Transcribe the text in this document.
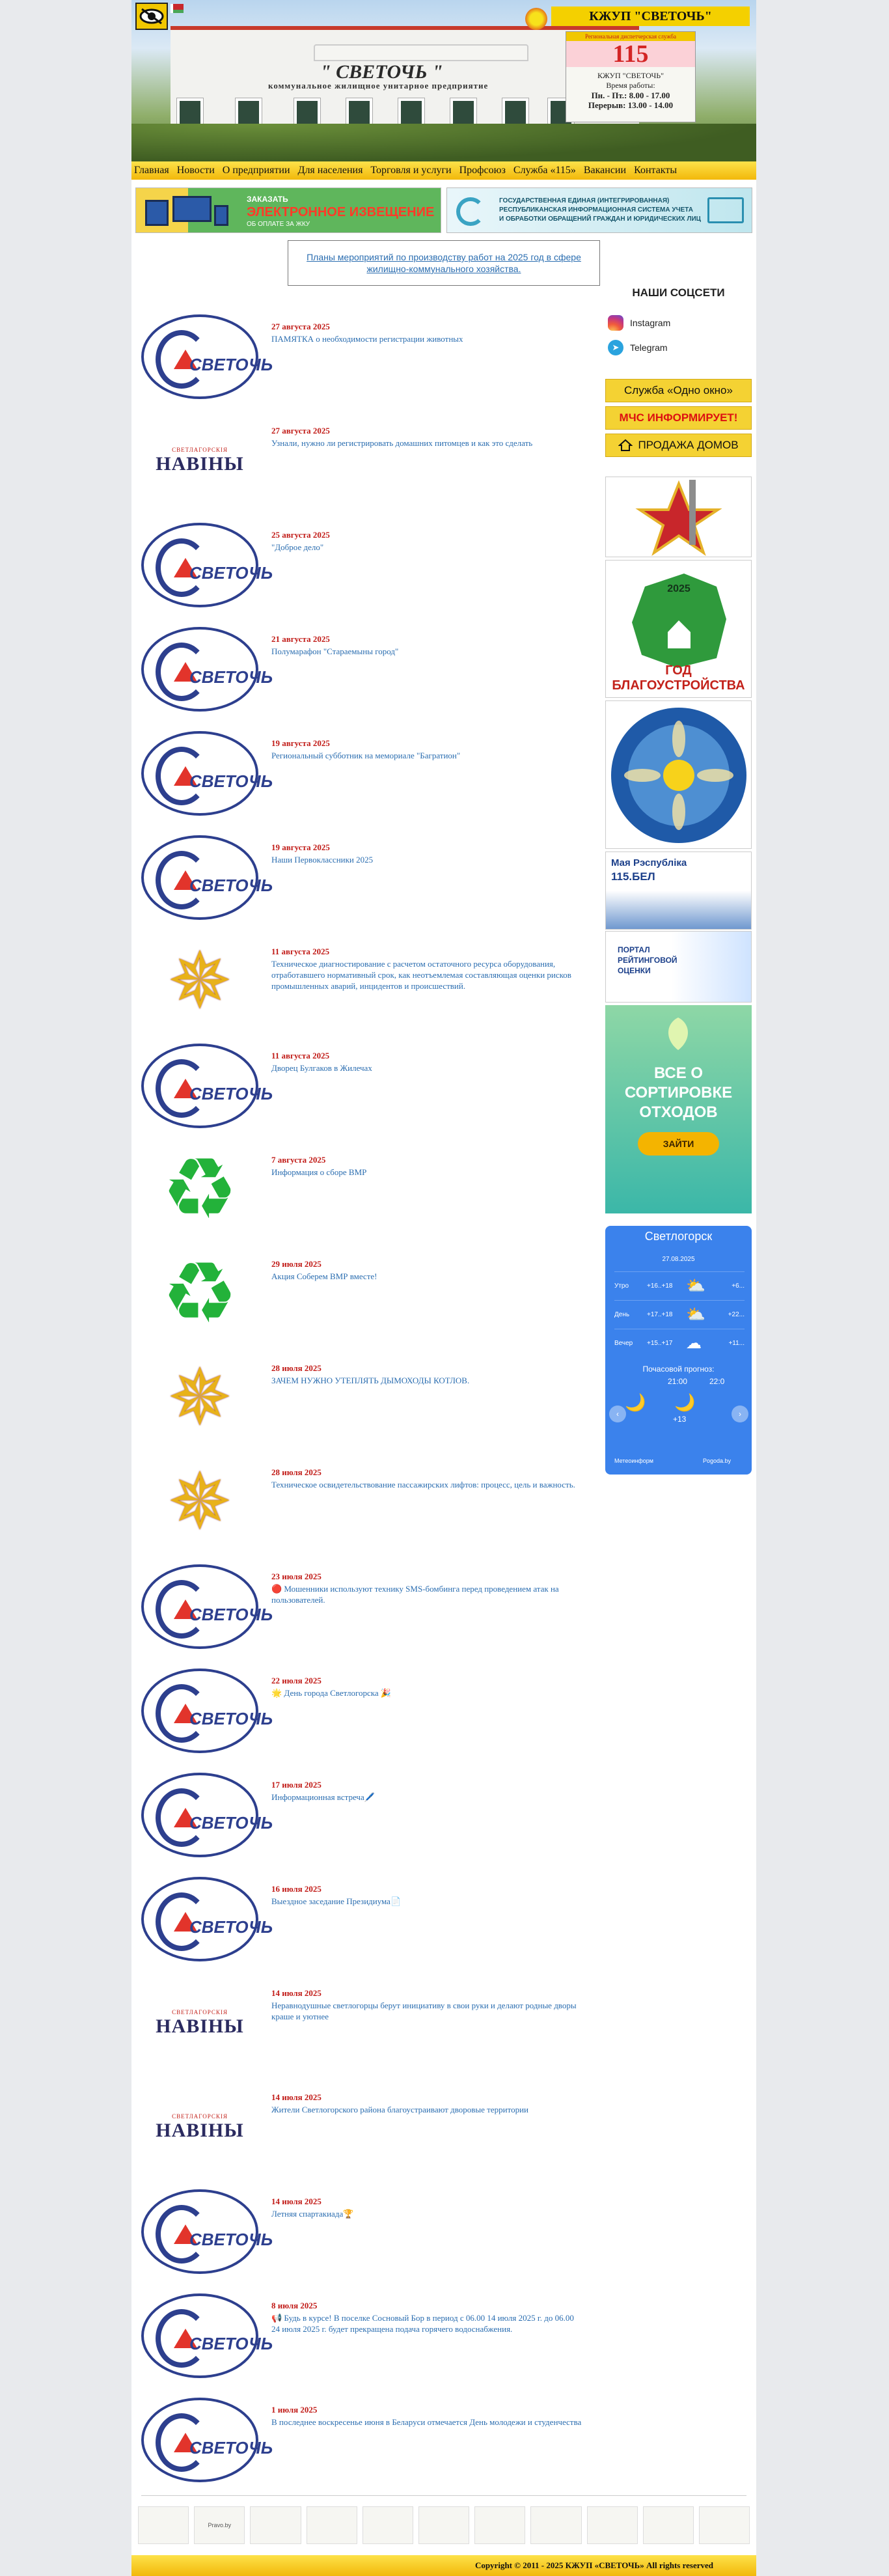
" СВЕТОЧЬ "
коммунальное жилищное унитарное предприятие
КЖУП "СВЕТОЧЬ"
Региональная диспетчерская служба
115
КЖУП "СВЕТОЧЬ"
Время работы:
Пн. - Пт.: 8.00 - 17.00
Перерыв: 13.00 - 14.00
Главная Новости О предприятии Для населения Торговля и услуги Профсоюз Служба «115» Вакансии Контакты
ЗАКАЗАТЬ
ЭЛЕКТРОННОЕ ИЗВЕЩЕНИЕ
ОБ ОПЛАТЕ ЗА ЖКУ
ГОСУДАРСТВЕННАЯ ЕДИНАЯ (ИНТЕГРИРОВАННАЯ)
РЕСПУБЛИКАНСКАЯ ИНФОРМАЦИОННАЯ СИСТЕМА УЧЕТА
И ОБРАБОТКИ ОБРАЩЕНИЙ ГРАЖДАН И ЮРИДИЧЕСКИХ ЛИЦ
Планы мероприятий по производству работ на 2025 год в сфере жилищно-коммунального хозяйства.
СВЕТОЧЬ
27 августа 2025
ПАМЯТКА о необходимости регистрации животных
СВЕТЛАГОРСКІЯ
НАВІНЫ
27 августа 2025
Узнали, нужно ли регистрировать домашних питомцев и как это сделать
СВЕТОЧЬ
25 августа 2025
"Доброе дело"
СВЕТОЧЬ
21 августа 2025
Полумарафон "Стараемыны город"
СВЕТОЧЬ
19 августа 2025
Региональный субботник на мемориале "Багратион"
СВЕТОЧЬ
19 августа 2025
Наши Первоклассники 2025
✵	11 августа 2025
Техническое диагностирование с расчетом остаточного ресурса оборудования, отработавшего нормативный срок, как неотъемлемая составляющая оценки рисков промышленных аварий, инцидентов и происшествий.
СВЕТОЧЬ
11 августа 2025
Дворец Булгаков в Жилечах
♻	7 августа 2025
Информация о сборе ВМР
♻	29 июля 2025
Акция Соберем ВМР вместе!
✵	28 июля 2025
ЗАЧЕМ НУЖНО УТЕПЛЯТЬ ДЫМОХОДЫ КОТЛОВ.
✵	28 июля 2025
Техническое освидетельствование пассажирских лифтов: процесс, цель и важность.
СВЕТОЧЬ
23 июля 2025
🔴 Мошенники используют технику SMS-бомбинга перед проведением атак на пользователей.
СВЕТОЧЬ
22 июля 2025
🌟 День города Светлогорска 🎉
СВЕТОЧЬ
17 июля 2025
Информационная встреча🖊️
СВЕТОЧЬ
16 июля 2025
Выездное заседание Президиума📄
СВЕТЛАГОРСКІЯ
НАВІНЫ
14 июля 2025
Неравнодушные светлогорцы берут инициативу в свои руки и делают родные дворы краше и уютнее
СВЕТЛАГОРСКІЯ
НАВІНЫ
14 июля 2025
Жители Светлогорского района благоустраивают дворовые территории
СВЕТОЧЬ
14 июля 2025
Летняя спартакиада🏆
СВЕТОЧЬ
8 июля 2025
📢 Будь в курсе! В поселке Сосновый Бор в период с 06.00 14 июля 2025 г. до 06.00 24 июля 2025 г. будет прекращена подача горячего водоснабжения.
СВЕТОЧЬ
1 июля 2025
В последнее воскресенье июня в Беларуси отмечается День молодежи и студенчества
Pravo.by
Copyright © 2011 - 2025 КЖУП «СВЕТОЧЬ» All rights reserved
НАШИ СОЦСЕТИ
Instagram
➤	Telegram
Служба «Одно окно»
МЧС ИНФОРМИРУЕТ!
ПРОДАЖА ДОМОВ
2025
ГОД БЛАГОУСТРОЙСТВА
Мая Рэспубліка
115.БЕЛ
ПОРТАЛ
РЕЙТИНГОВОЙ
ОЦЕНКИ
ВСЕ О СОРТИРОВКЕ ОТХОДОВ
ЗАЙТИ
Светлогорск
27.08.2025
Утро	+16..+18 ⛅	+6...
День	+17..+18 ⛅	+22...
Вечер	+15..+17 ☁	+11...
Почасовой прогноз:
21:00	22:0
🌙 🌙
+13
‹	›
Метеоинформ	Pogoda.by
